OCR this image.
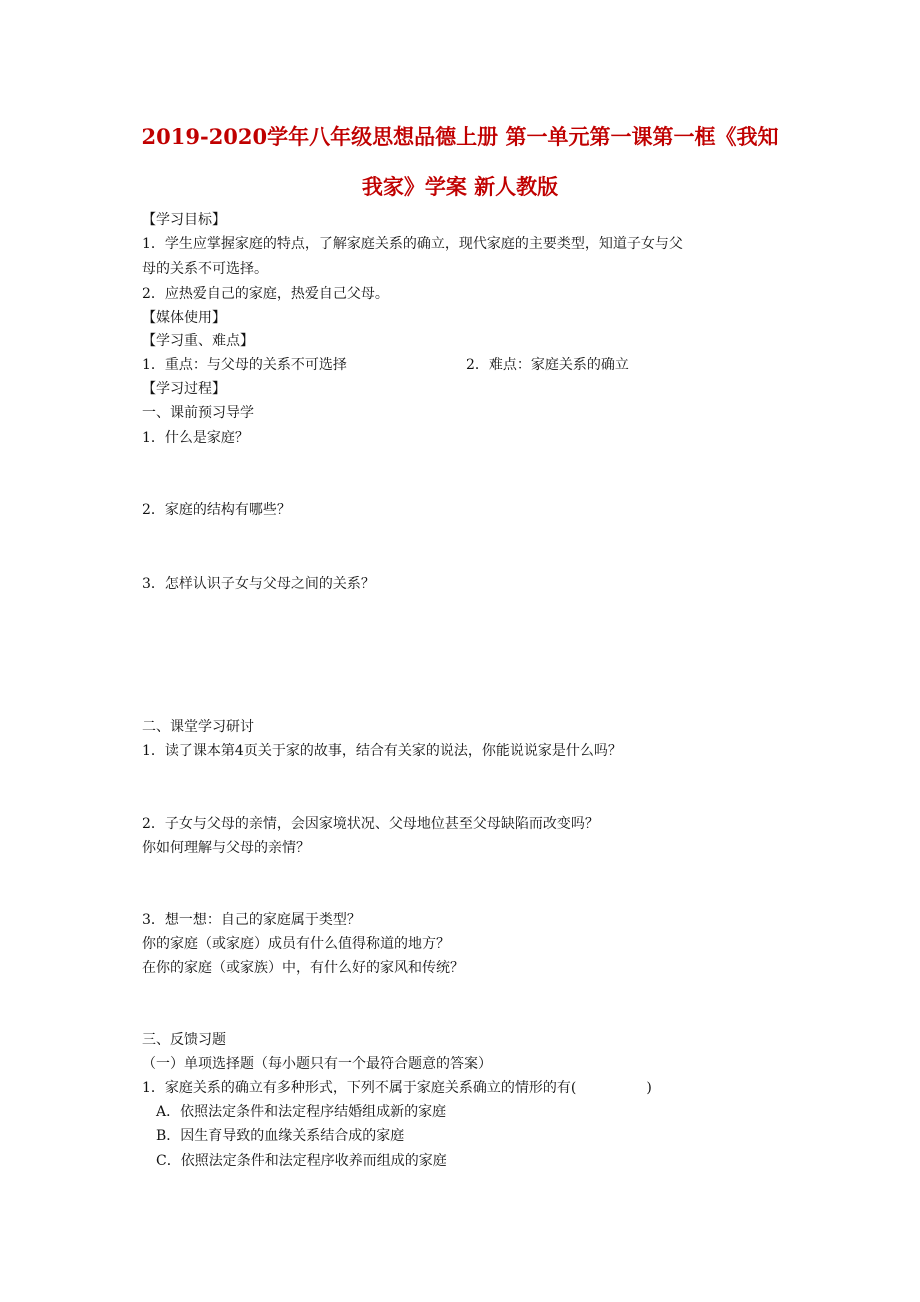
2019-2020学年八年级思想品德上册 第一单元第一课第一框《我知
我家》学案 新人教版

【学习目标】

1．学生应掌握家庭的特点，了解家庭关系的确立，现代家庭的主要类型，知道子女与父

母的关系不可选择。

2．应热爱自己的家庭，热爱自己父母。

【媒体使用】

【学习重、难点】

1．重点：与父母的关系不可选择	2．难点：家庭关系的确立

【学习过程】

一、课前预习导学

1．什么是家庭？

2．家庭的结构有哪些？

3．怎样认识子女与父母之间的关系？

二、课堂学习研讨

1．读了课本第4页关于家的故事，结合有关家的说法，你能说说家是什么吗？

2．子女与父母的亲情，会因家境状况、父母地位甚至父母缺陷而改变吗？

你如何理解与父母的亲情？

3．想一想：自己的家庭属于类型？

你的家庭（或家庭）成员有什么值得称道的地方？

在你的家庭（或家族）中，有什么好的家风和传统？

三、反馈习题

（一）单项选择题（每小题只有一个最符合题意的答案）

1．家庭关系的确立有多种形式，下列不属于家庭关系确立的情形的有(　　　　　)

A．依照法定条件和法定程序结婚组成新的家庭

B．因生育导致的血缘关系结合成的家庭

C．依照法定条件和法定程序收养而组成的家庭
